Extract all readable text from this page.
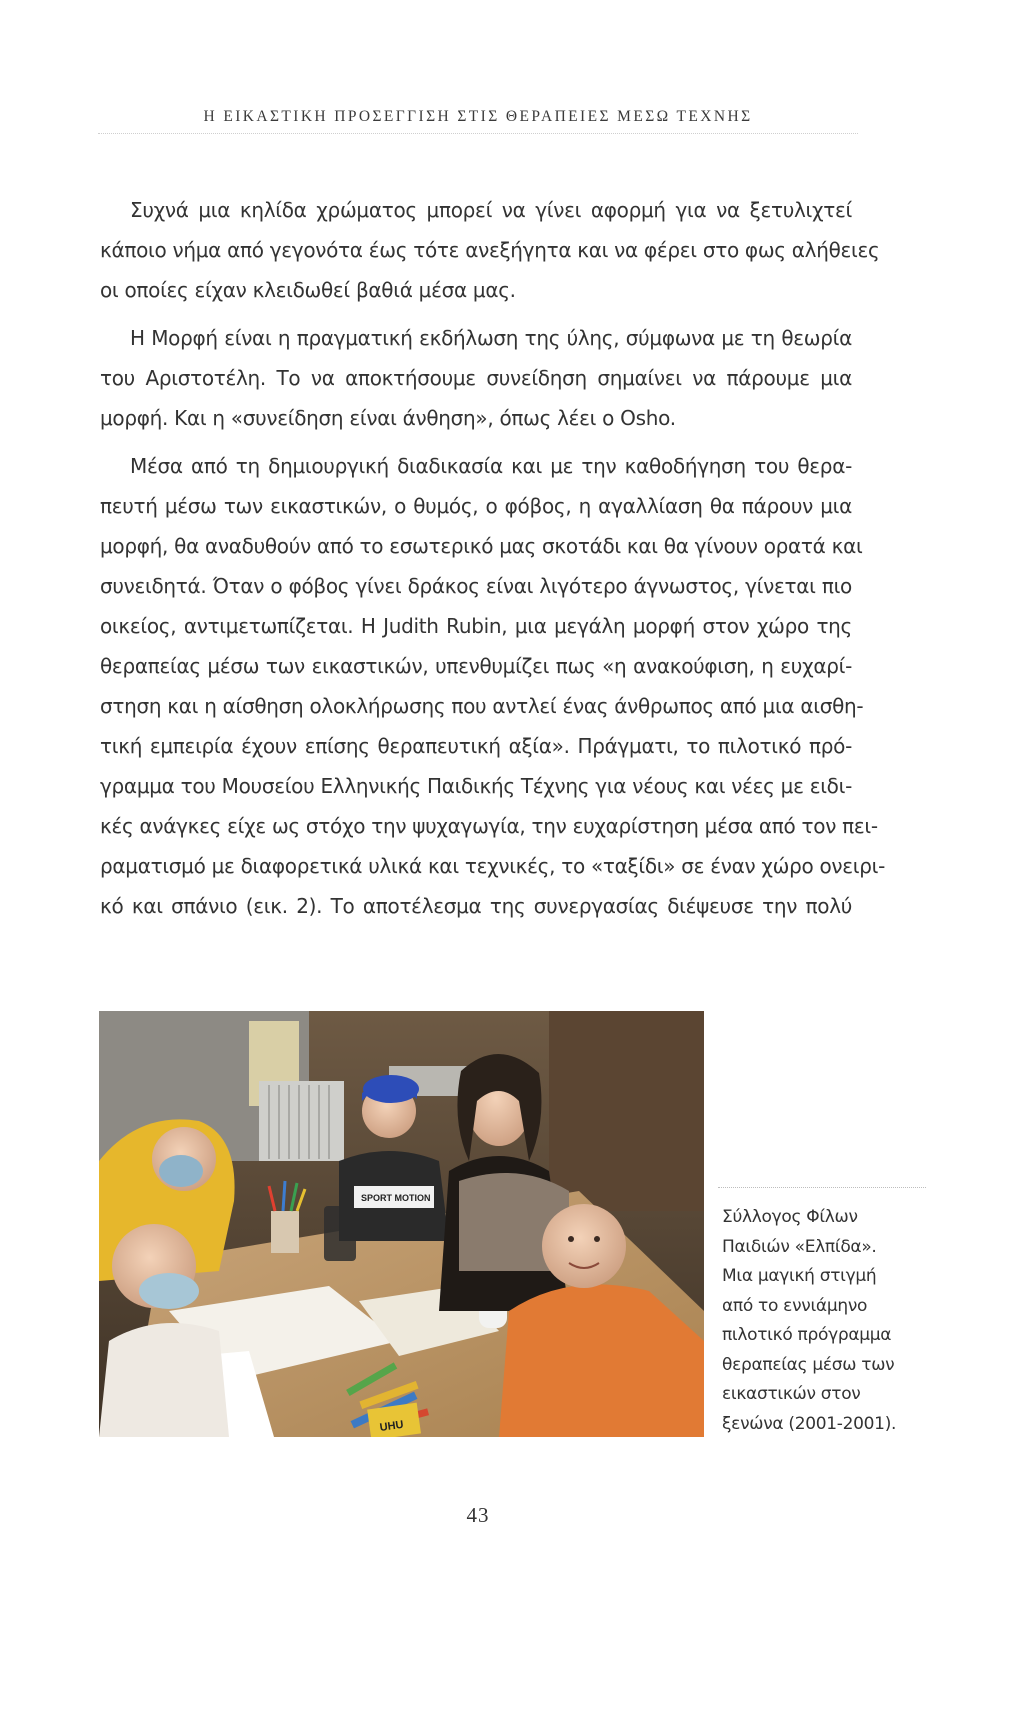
Η ΕΙΚΑΣΤΙΚΗ ΠΡΟΣΕΓΓΙΣΗ ΣΤΙΣ ΘΕΡΑΠΕΙΕΣ ΜΕΣΩ ΤΕΧΝΗΣ

Συχνά μια κηλίδα χρώματος μπορεί να γίνει αφορμή για να ξετυλιχτεί
κάποιο νήμα από γεγονότα έως τότε ανεξήγητα και να φέρει στο φως αλήθειες
οι οποίες είχαν κλειδωθεί βαθιά μέσα μας.

Η Μορφή είναι η πραγματική εκδήλωση της ύλης, σύμφωνα με τη θεωρία
του Αριστοτέλη. Το να αποκτήσουμε συνείδηση σημαίνει να πάρουμε μια
μορφή. Και η «συνείδηση είναι άνθηση», όπως λέει ο Osho.

Μέσα από τη δημιουργική διαδικασία και με την καθοδήγηση του θερα-
πευτή μέσω των εικαστικών, ο θυμός, ο φόβος, η αγαλλίαση θα πάρουν μια
μορφή, θα αναδυθούν από το εσωτερικό μας σκοτάδι και θα γίνουν ορατά και
συνειδητά. Όταν ο φόβος γίνει δράκος είναι λιγότερο άγνωστος, γίνεται πιο
οικείος, αντιμετωπίζεται. Η Judith Rubin, μια μεγάλη μορφή στον χώρο της
θεραπείας μέσω των εικαστικών, υπενθυμίζει πως «η ανακούφιση, η ευχαρί-
στηση και η αίσθηση ολοκλήρωσης που αντλεί ένας άνθρωπος από μια αισθη-
τική εμπειρία έχουν επίσης θεραπευτική αξία». Πράγματι, το πιλοτικό πρό-
γραμμα του Μουσείου Ελληνικής Παιδικής Τέχνης για νέους και νέες με ειδι-
κές ανάγκες είχε ως στόχο την ψυχαγωγία, την ευχαρίστηση μέσα από τον πει-
ραματισμό με διαφορετικά υλικά και τεχνικές, το «ταξίδι» σε έναν χώρο ονειρι-
κό και σπάνιο (εικ. 2). Το αποτέλεσμα της συνεργασίας διέψευσε την πολύ

SPORT MOTION
UHU
Σύλλογος Φίλων
Παιδιών «Ελπίδα».
Μια μαγική στιγμή
από το εννιάμηνο
πιλοτικό πρόγραμμα
θεραπείας μέσω των
εικαστικών στον
ξενώνα (2001-2001).
43
